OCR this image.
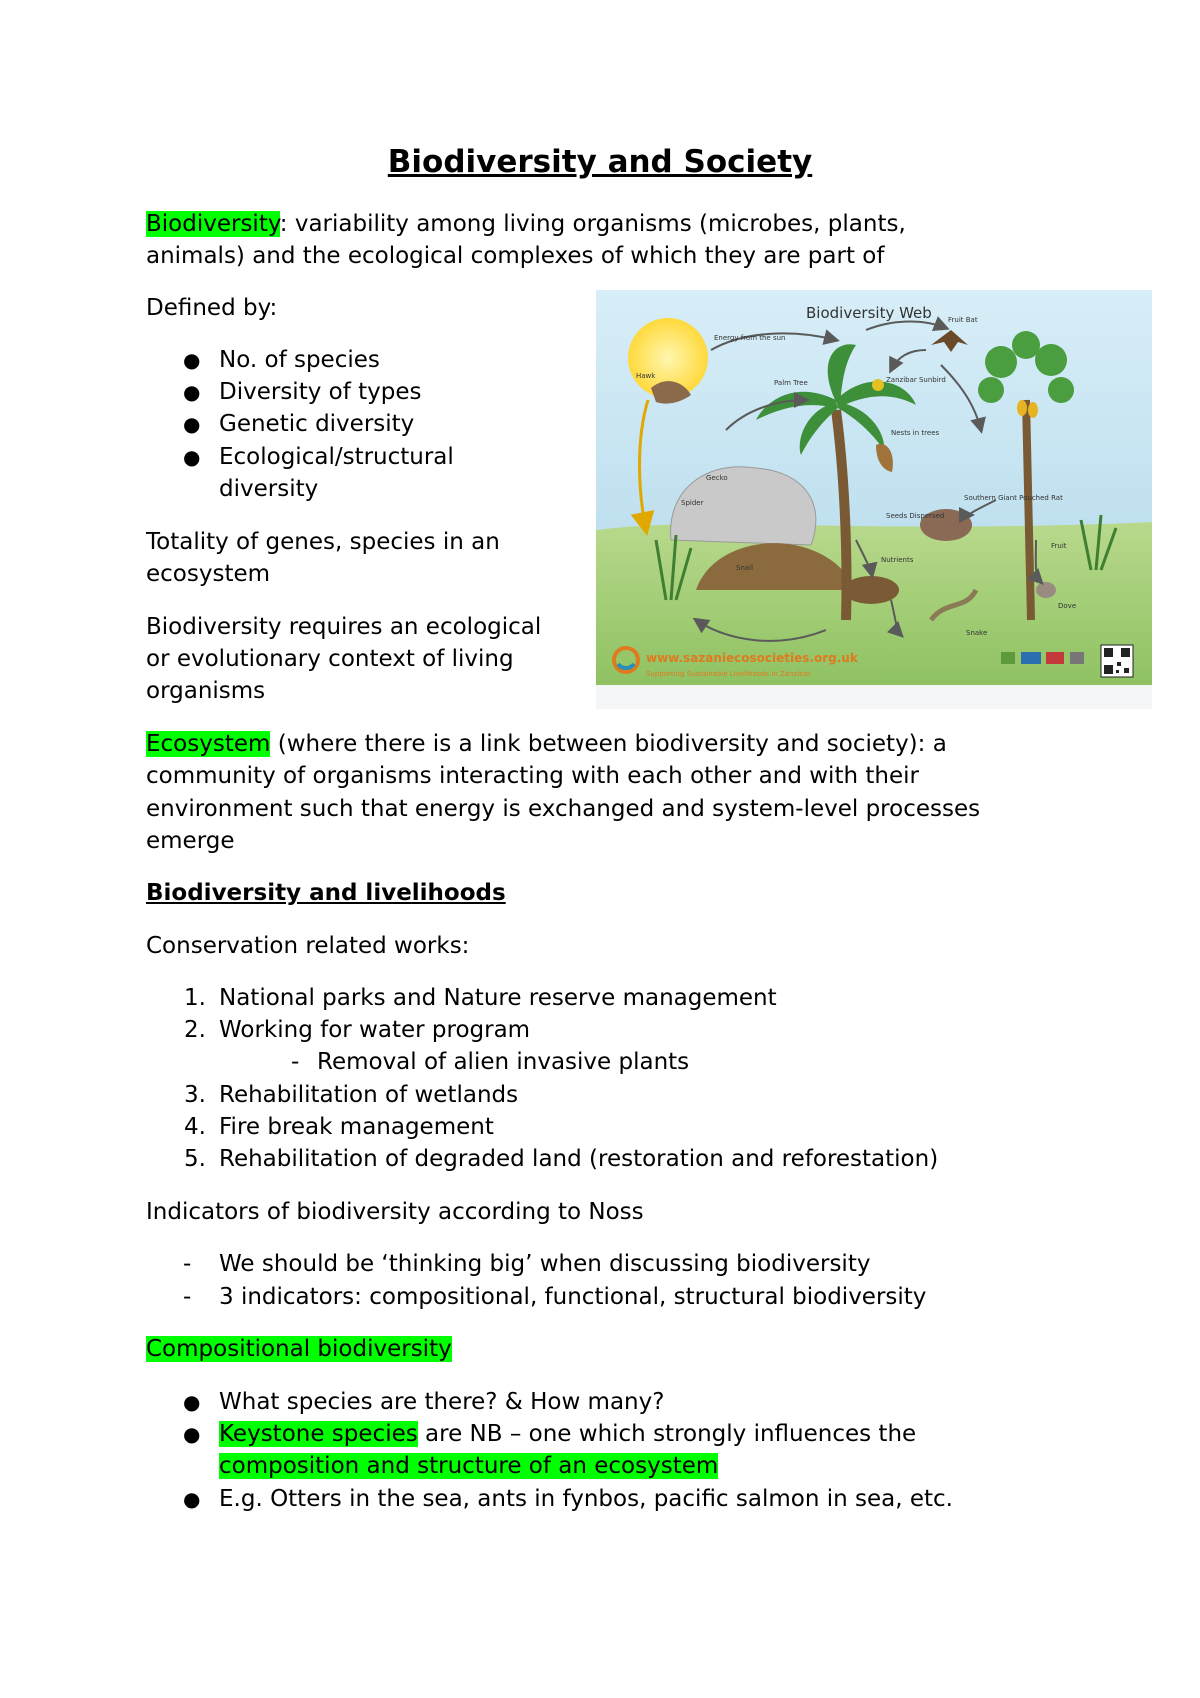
Biodiversity and Society
Biodiversity: variability among living organisms (microbes, plants,
animals) and the ecological complexes of which they are part of
Defined by:
● No. of species
● Diversity of types
● Genetic diversity
● Ecological/structural
diversity
Totality of genes, species in an
ecosystem
Biodiversity requires an ecological
or evolutionary context of living
organisms
Biodiversity Web
Energy from the sun
Fruit Bat
Palm Tree	Zanzibar Sunbird
Nests in trees
Hawk
Southern Giant Pouched Rat
Snail
Nutrients
Fruit
Dove
Seeds Dispersed
Gecko
Spider
Snake
www.sazaniecosocieties.org.uk
Supporting Sustainable Livelihoods in Zanzibar
Ecosystem (where there is a link between biodiversity and society): a
community of organisms interacting with each other and with their
environment such that energy is exchanged and system-level processes
emerge
Biodiversity and livelihoods
Conservation related works:
1. National parks and Nature reserve management
2. Working for water program
- Removal of alien invasive plants
3. Rehabilitation of wetlands
4. Fire break management
5. Rehabilitation of degraded land (restoration and reforestation)
Indicators of biodiversity according to Noss
- We should be ‘thinking big’ when discussing biodiversity
- 3 indicators: compositional, functional, structural biodiversity
Compositional biodiversity
● What species are there? & How many?
● Keystone species are NB – one which strongly influences the
composition and structure of an ecosystem
● E.g. Otters in the sea, ants in fynbos, pacific salmon in sea, etc.
